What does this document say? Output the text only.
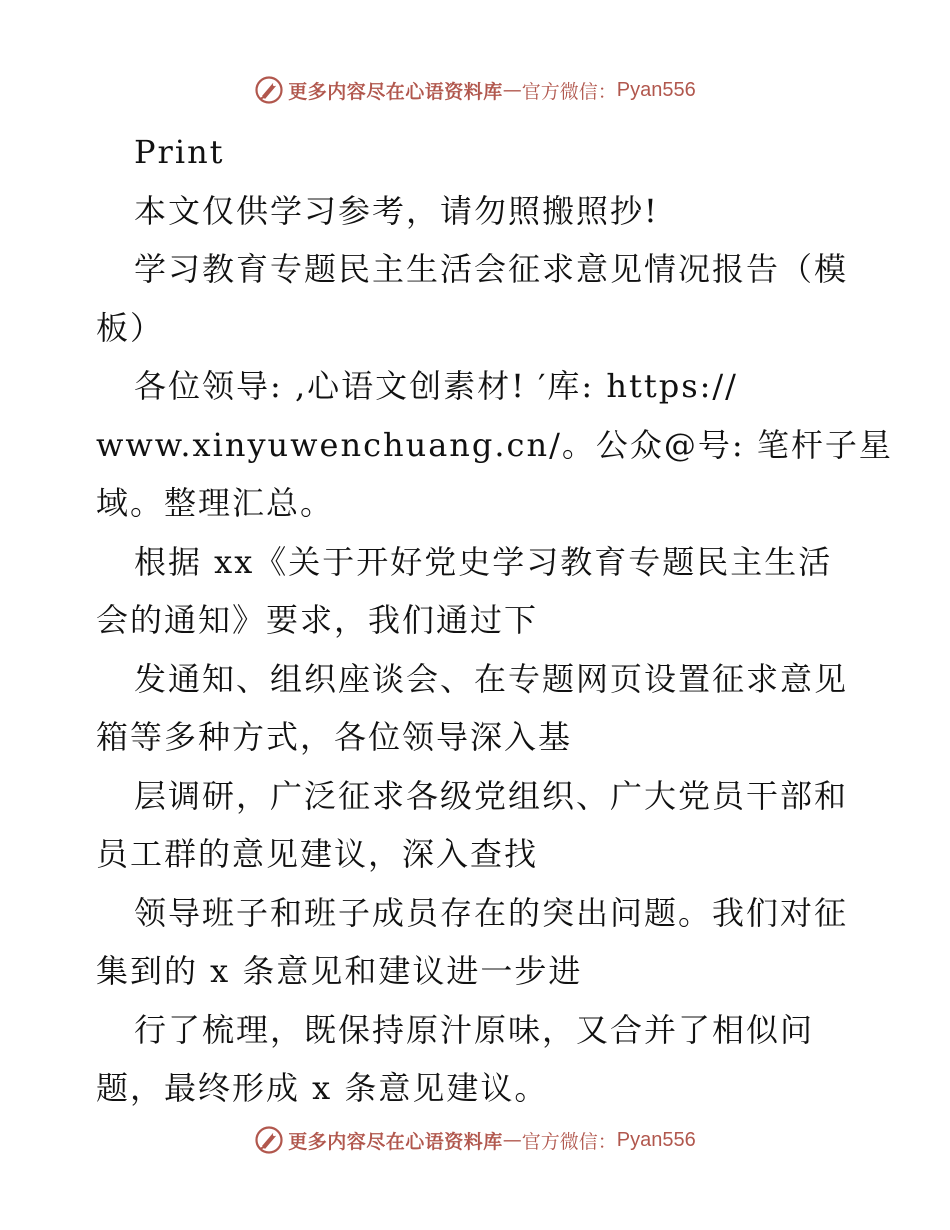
更多内容尽在心语资料库 — 官方微信： Pyan556
Print
本文仅供学习参考，请勿照搬照抄!
学习教育专题民主生活会征求意见情况报告（模
板）
各位领导: ,心语文创素材! ′库: https://
www.xinyuwenchuang.cn/。公众@号: 笔杆子星
域。整理汇总。
根据 xx《关于开好党史学习教育专题民主生活
会的通知》要求，我们通过下
发通知、组织座谈会、在专题网页设置征求意见
箱等多种方式，各位领导深入基
层调研，广泛征求各级党组织、广大党员干部和
员工群的意见建议，深入查找
领导班子和班子成员存在的突出问题。我们对征
集到的 x 条意见和建议进一步进
行了梳理，既保持原汁原味，又合并了相似问
题，最终形成 x 条意见建议。
更多内容尽在心语资料库 — 官方微信： Pyan556
